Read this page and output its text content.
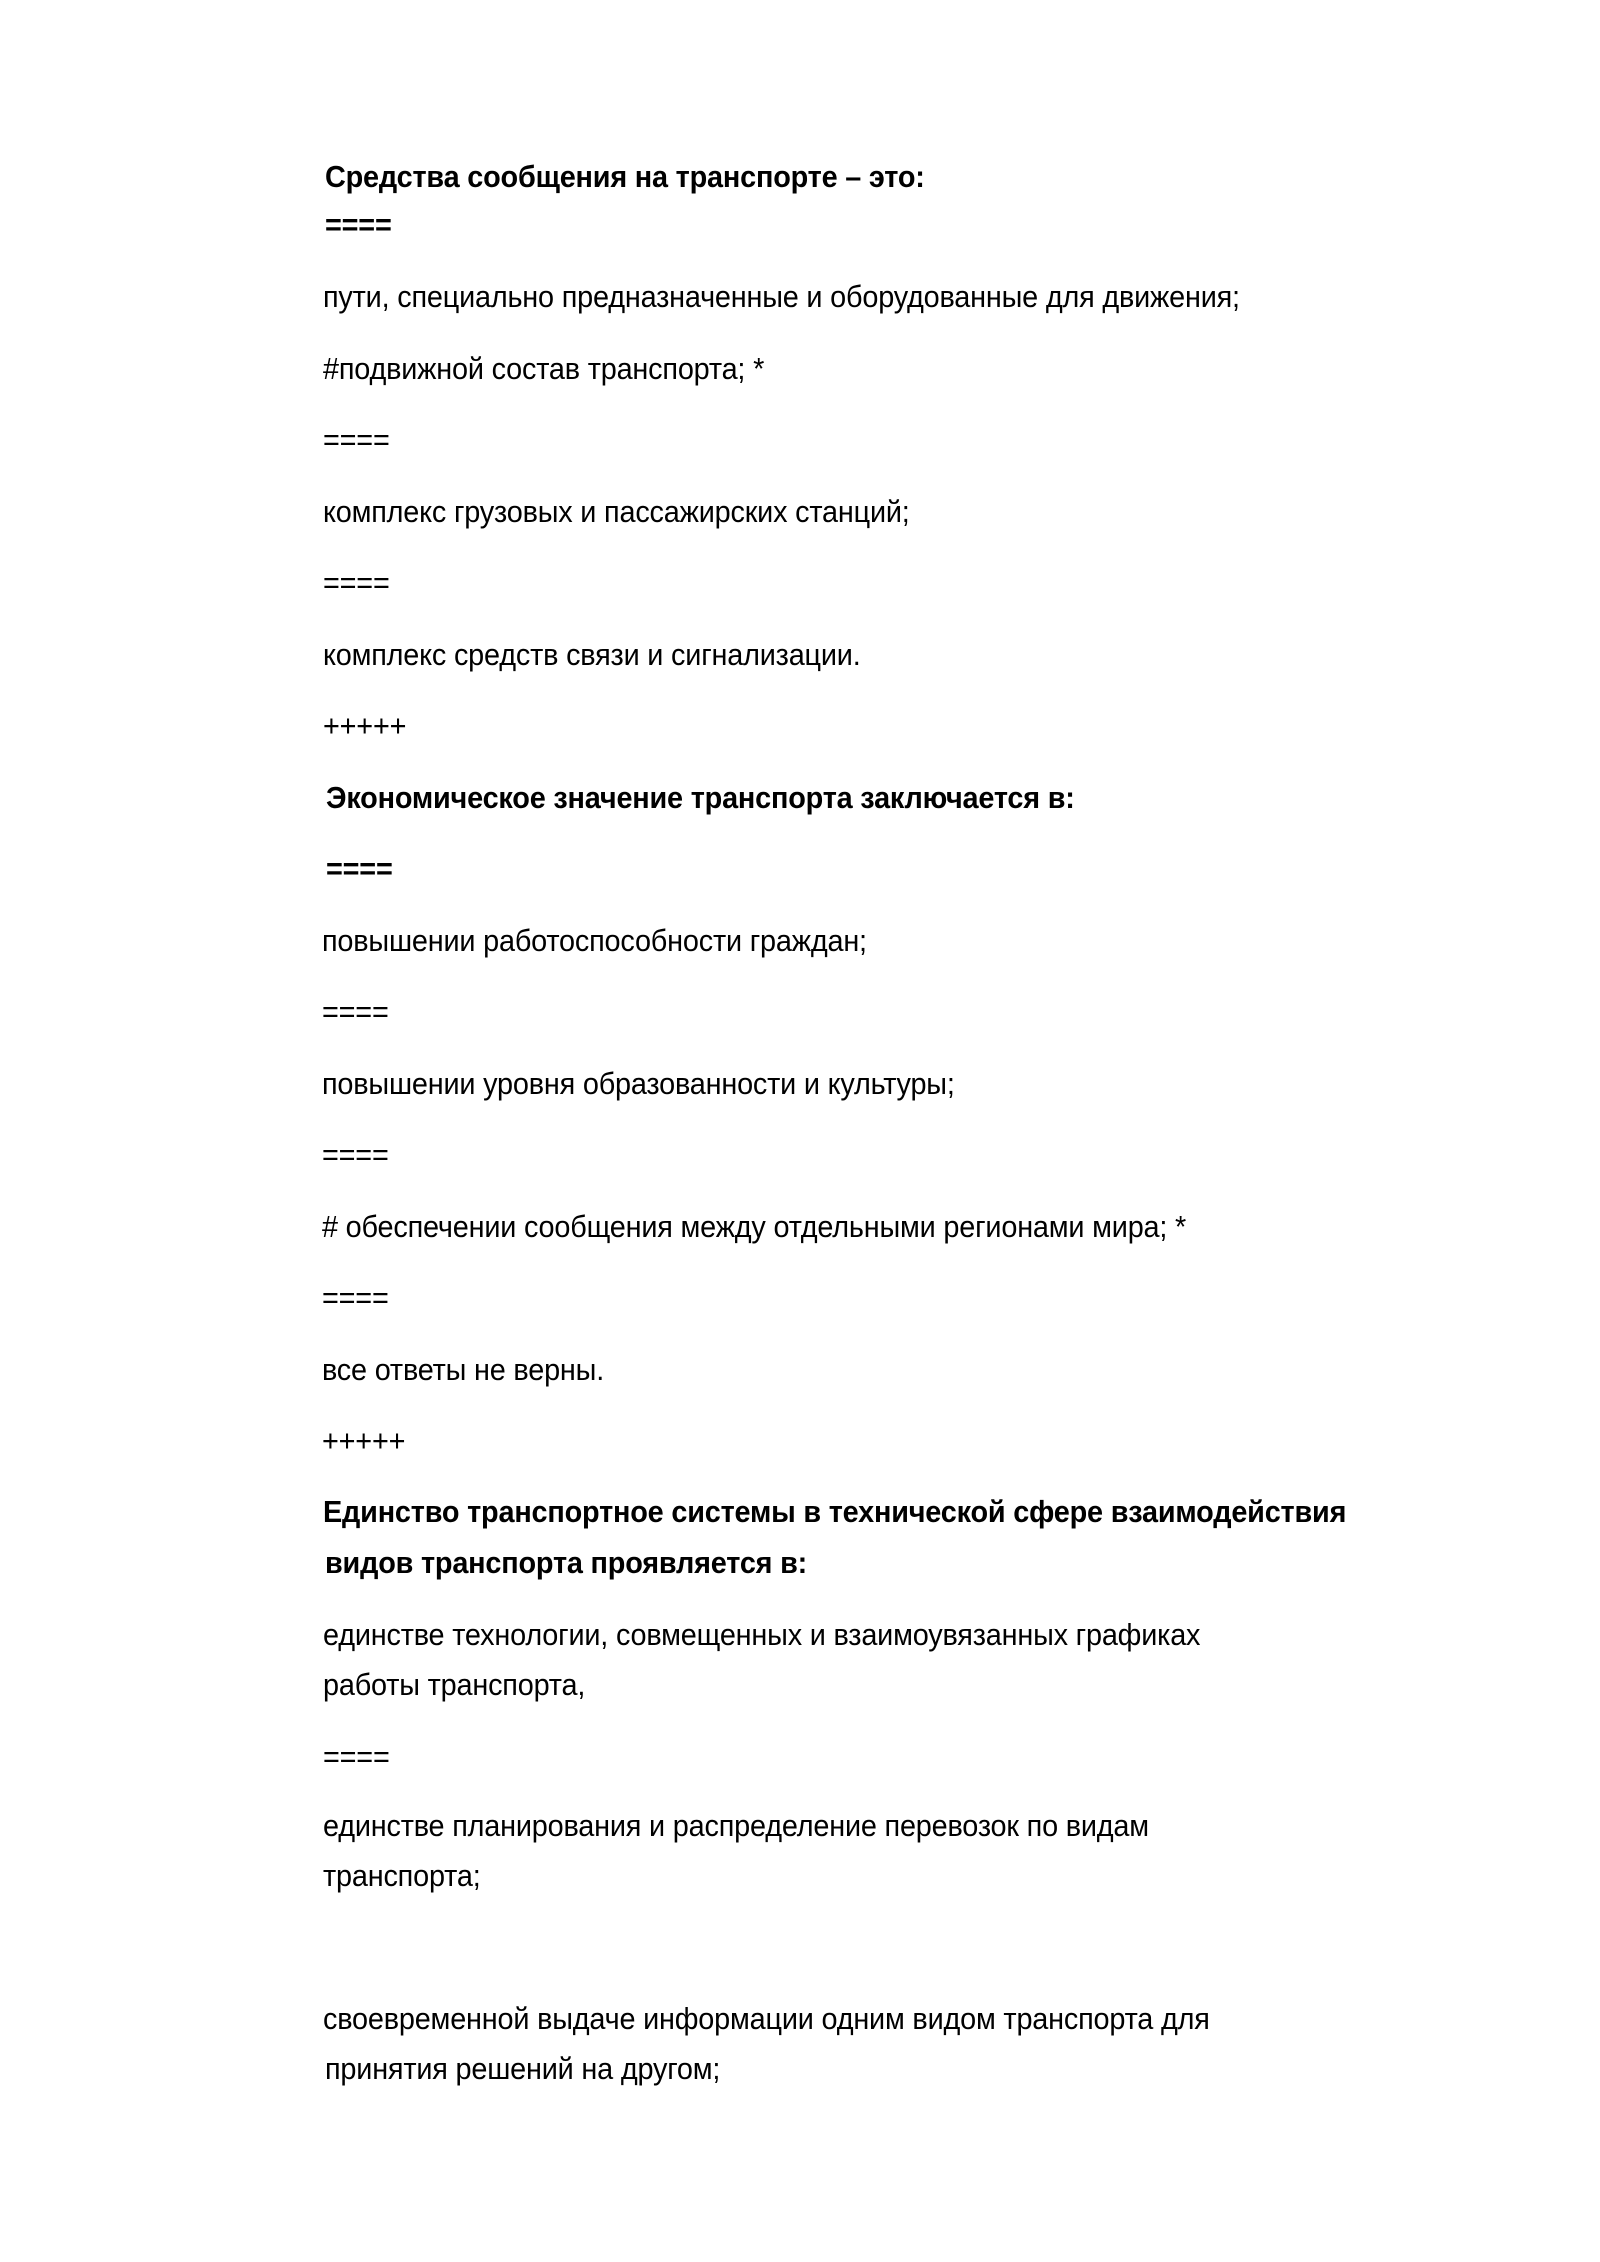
Средства сообщения на транспорте – это:
====
пути, специально предназначенные и оборудованные для движения;
#подвижной состав транспорта; *
====
комплекс грузовых и пассажирских станций;
====
комплекс средств связи и сигнализации.
+++++
Экономическое значение транспорта заключается в:
====
повышении работоспособности граждан;
====
повышении уровня образованности и культуры;
====
# обеспечении сообщения между отдельными регионами мира; *
====
все ответы не верны.
+++++
Единство транспортное системы в технической сфере взаимодействия
видов транспорта проявляется в:
единстве технологии, совмещенных и взаимоувязанных графиках
работы транспорта,
====
единстве планирования и распределение перевозок по видам
транспорта;
своевременной выдаче информации одним видом транспорта для
принятия решений на другом;
